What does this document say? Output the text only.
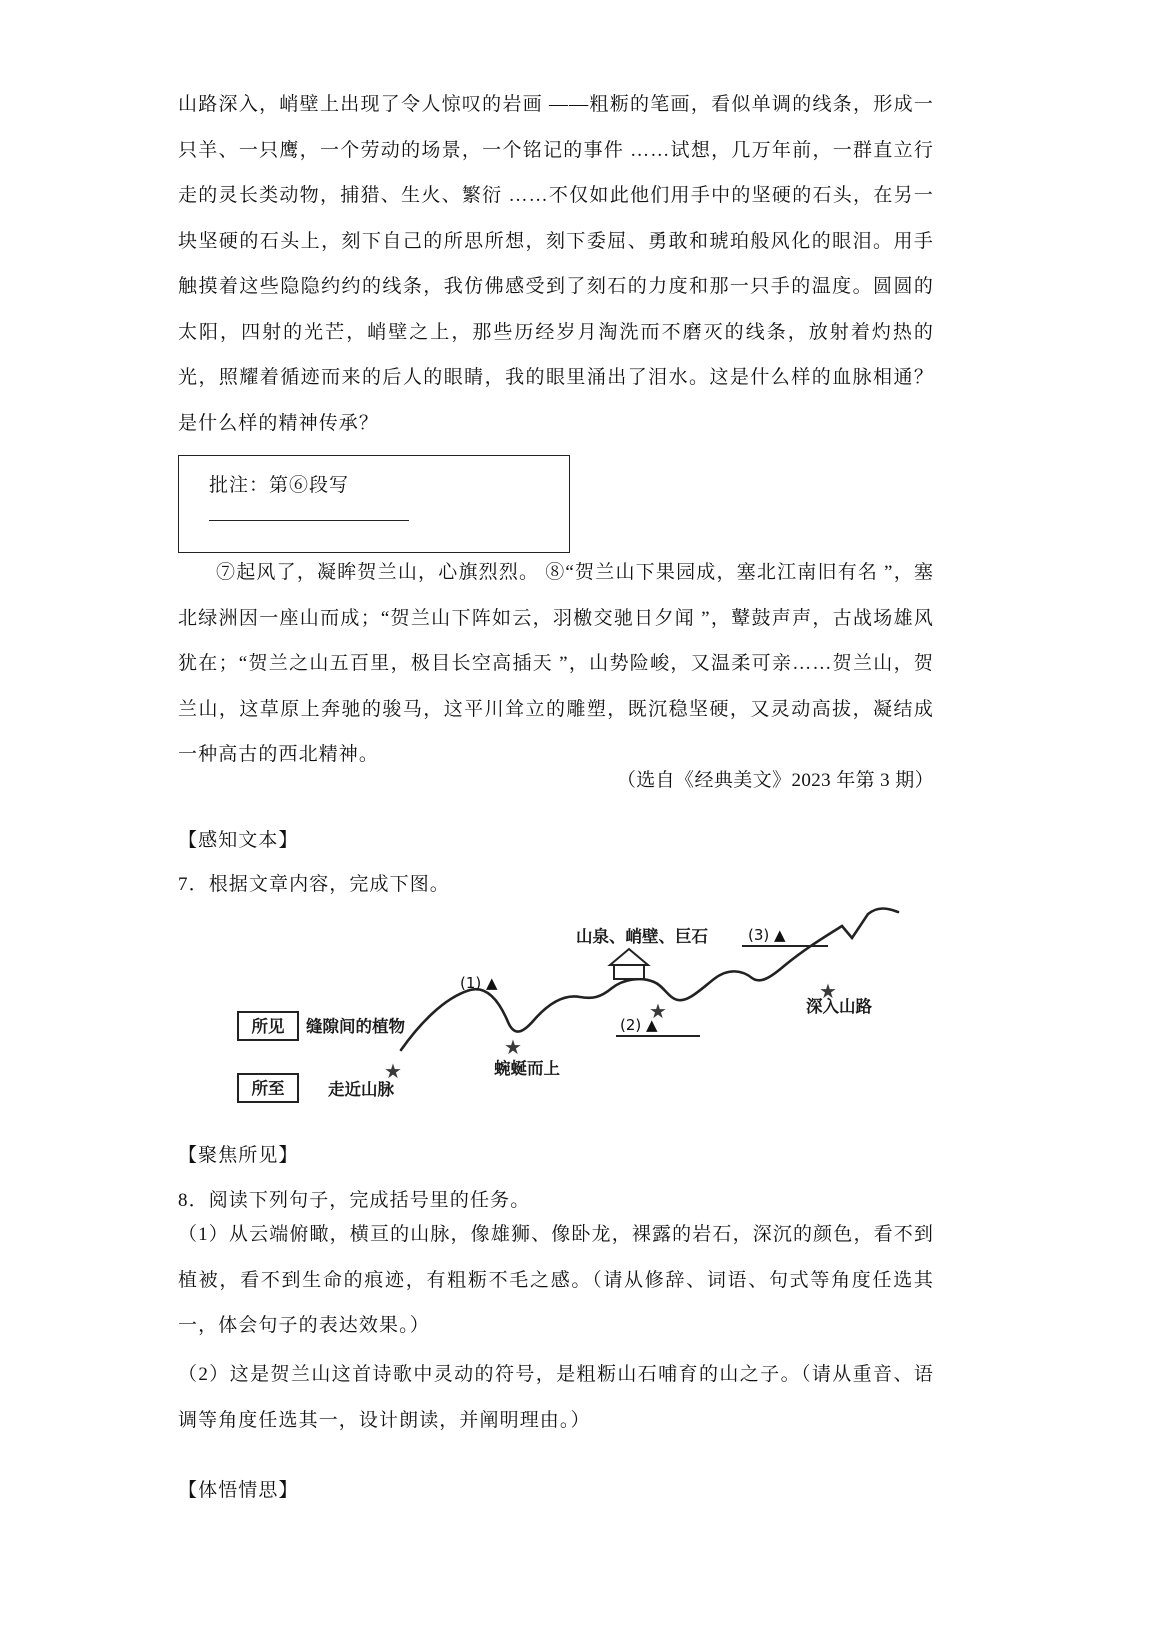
山路深入，峭壁上出现了令人惊叹的岩画 ——粗粝的笔画，看似单调的线条，形成一只羊、一只鹰，一个劳动的场景，一个铭记的事件 ……试想，几万年前，一群直立行走的灵长类动物，捕猎、生火、繁衍 ……不仅如此他们用手中的坚硬的石头，在另一块坚硬的石头上，刻下自己的所思所想，刻下委屈、勇敢和琥珀般风化的眼泪。用手触摸着这些隐隐约约的线条，我仿佛感受到了刻石的力度和那一只手的温度。圆圆的太阳，四射的光芒，峭壁之上，那些历经岁月淘洗而不磨灭的线条，放射着灼热的光，照耀着循迹而来的后人的眼睛，我的眼里涌出了泪水。这是什么样的血脉相通？是什么样的精神传承？

批注：第⑥段写

⑦起风了，凝眸贺兰山，心旗烈烈。 ⑧“贺兰山下果园成，塞北江南旧有名 ”，塞北绿洲因一座山而成；“贺兰山下阵如云，羽檄交驰日夕闻 ”，鼙鼓声声，古战场雄风犹在；“贺兰之山五百里，极目长空高插天 ”，山势险峻，又温柔可亲……贺兰山，贺兰山，这草原上奔驰的骏马，这平川耸立的雕塑，既沉稳坚硬，又灵动高拔，凝结成一种高古的西北精神。

（选自《经典美文》2023 年第 3 期）

【感知文本】

7．根据文章内容，完成下图。

★
★
★
★
(1) ▲
(2) ▲
(3) ▲
山泉、峭壁、巨石
深入山路
蜿蜒而上
所见 缝隙间的植物
所至	走近山脉

【聚焦所见】

8．阅读下列句子，完成括号里的任务。

（1）从云端俯瞰，横亘的山脉，像雄狮、像卧龙，裸露的岩石，深沉的颜色，看不到植被，看不到生命的痕迹，有粗粝不毛之感。（请从修辞、词语、句式等角度任选其一，体会句子的表达效果。）

（2）这是贺兰山这首诗歌中灵动的符号，是粗粝山石哺育的山之子。（请从重音、语调等角度任选其一，设计朗读，并阐明理由。）

【体悟情思】
